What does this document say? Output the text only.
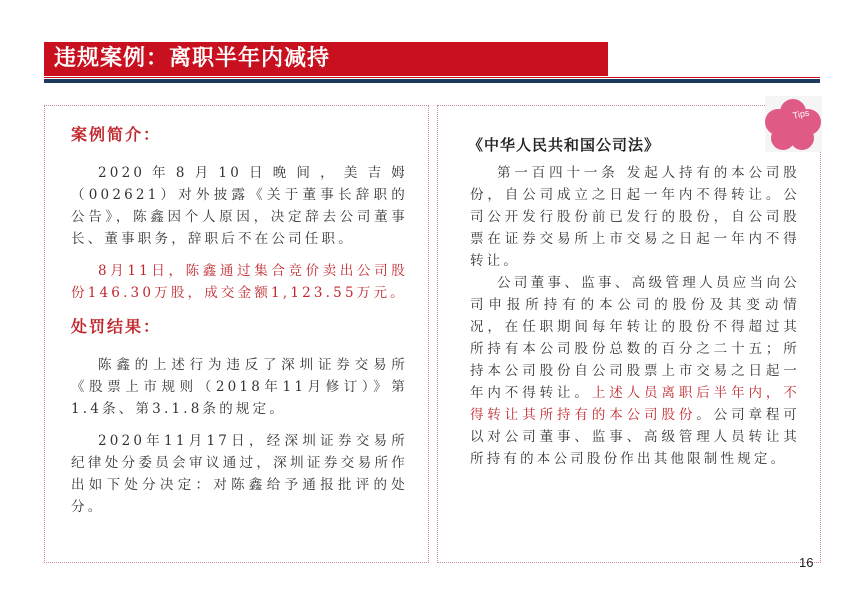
违规案例：离职半年内减持
案例简介：
2020年8月10日晚间，美吉姆（002621）对外披露《关于董事长辞职的公告》，陈鑫因个人原因，决定辞去公司董事长、董事职务，辞职后不在公司任职。
8月11日，陈鑫通过集合竞价卖出公司股份146.30万股，成交金额1,123.55万元。
处罚结果：
陈鑫的上述行为违反了深圳证券交易所《股票上市规则（2018年11月修订）》第1.4条、第3.1.8条的规定。
2020年11月17日，经深圳证券交易所纪律处分委员会审议通过，深圳证券交易所作出如下处分决定：对陈鑫给予通报批评的处分。
《中华人民共和国公司法》
第一百四十一条 发起人持有的本公司股份，自公司成立之日起一年内不得转让。公司公开发行股份前已发行的股份，自公司股票在证券交易所上市交易之日起一年内不得转让。
公司董事、监事、高级管理人员应当向公司申报所持有的本公司的股份及其变动情况，在任职期间每年转让的股份不得超过其所持有本公司股份总数的百分之二十五；所持本公司股份自公司股票上市交易之日起一年内不得转让。上述人员离职后半年内，不得转让其所持有的本公司股份。公司章程可以对公司董事、监事、高级管理人员转让其所持有的本公司股份作出其他限制性规定。
Tips
16
